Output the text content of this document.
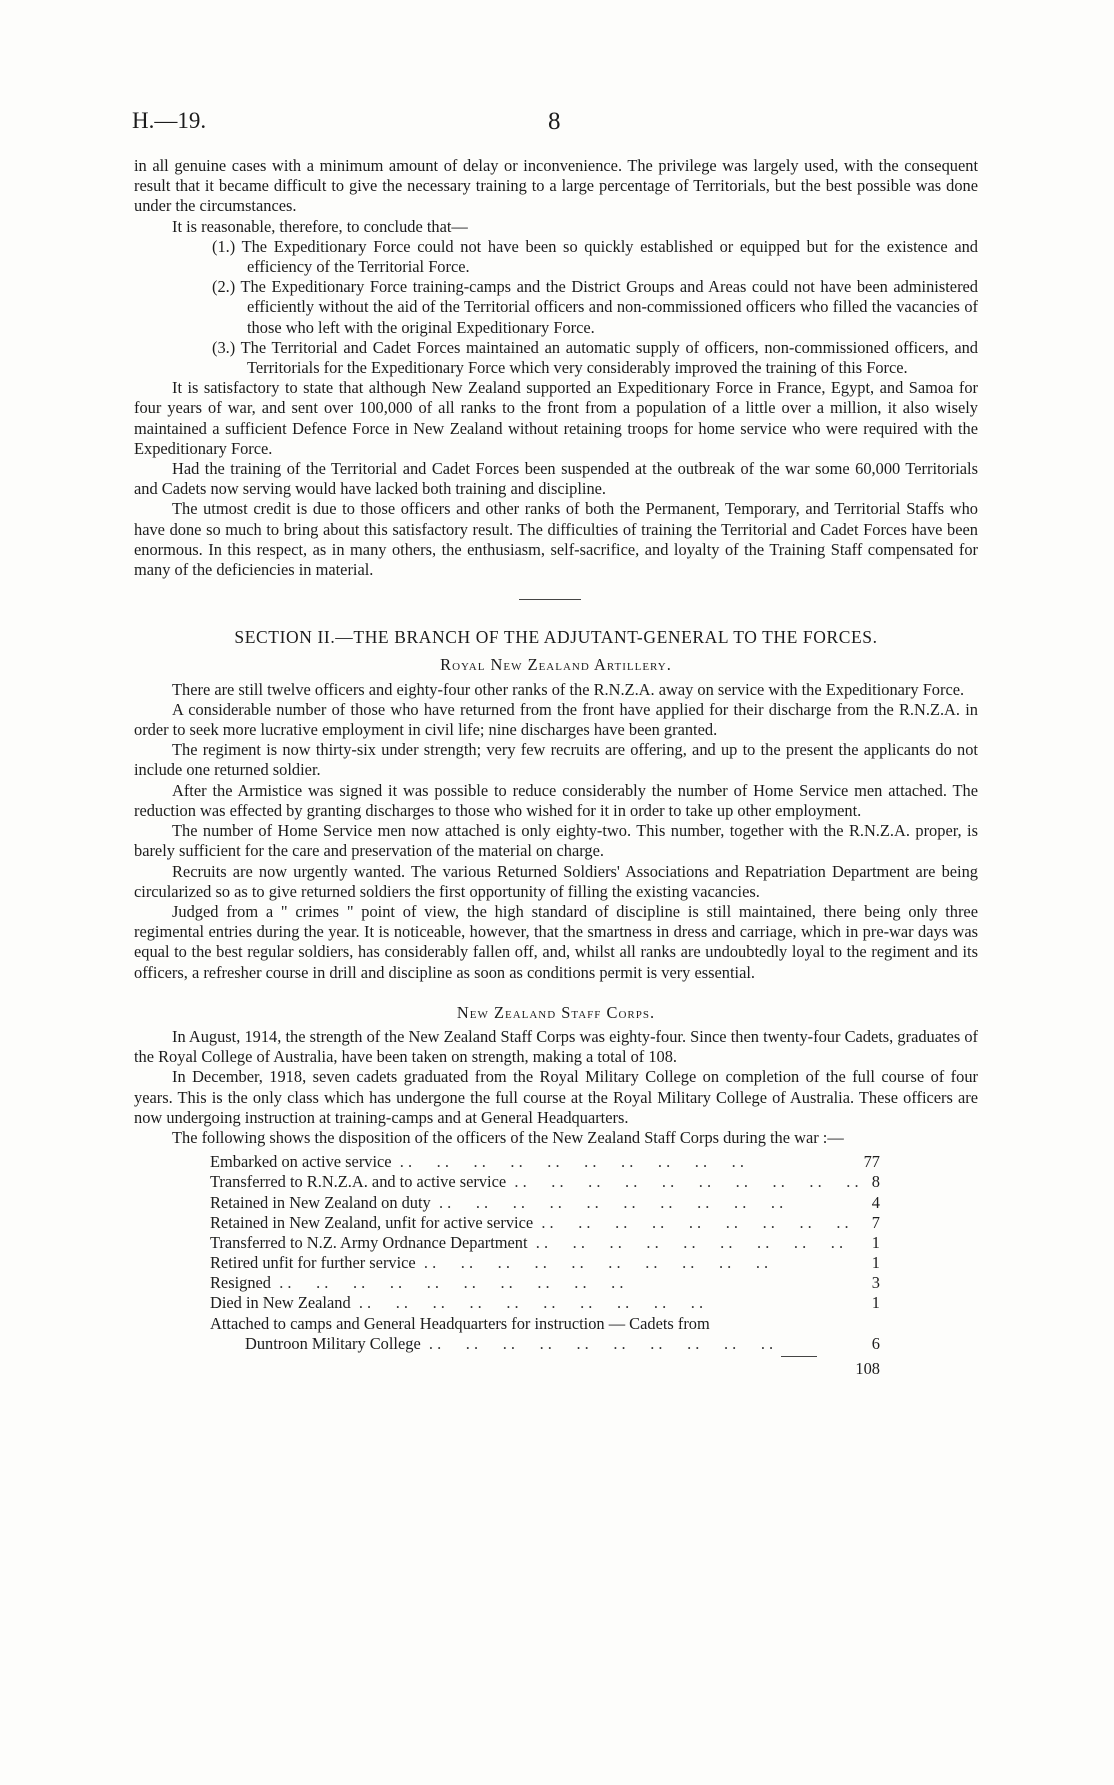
H.—19.	8

in all genuine cases with a minimum amount of delay or inconvenience. The privilege was largely used, with the consequent result that it became difficult to give the necessary training to a large percentage of Territorials, but the best possible was done under the circumstances.

It is reasonable, therefore, to conclude that—

(1.) The Expeditionary Force could not have been so quickly established or equipped but for the existence and efficiency of the Territorial Force.

(2.) The Expeditionary Force training-camps and the District Groups and Areas could not have been administered efficiently without the aid of the Territorial officers and non-commissioned officers who filled the vacancies of those who left with the original Expeditionary Force.

(3.) The Territorial and Cadet Forces maintained an automatic supply of officers, non-commissioned officers, and Territorials for the Expeditionary Force which very considerably improved the training of this Force.

It is satisfactory to state that although New Zealand supported an Expeditionary Force in France, Egypt, and Samoa for four years of war, and sent over 100,000 of all ranks to the front from a population of a little over a million, it also wisely maintained a sufficient Defence Force in New Zealand without retaining troops for home service who were required with the Expeditionary Force.

Had the training of the Territorial and Cadet Forces been suspended at the outbreak of the war some 60,000 Territorials and Cadets now serving would have lacked both training and discipline.

The utmost credit is due to those officers and other ranks of both the Permanent, Temporary, and Territorial Staffs who have done so much to bring about this satisfactory result. The difficulties of training the Territorial and Cadet Forces have been enormous. In this respect, as in many others, the enthusiasm, self-sacrifice, and loyalty of the Training Staff compensated for many of the deficiencies in material.

SECTION II.—THE BRANCH OF THE ADJUTANT-GENERAL TO THE FORCES.

Royal New Zealand Artillery.

There are still twelve officers and eighty-four other ranks of the R.N.Z.A. away on service with the Expeditionary Force.

A considerable number of those who have returned from the front have applied for their discharge from the R.N.Z.A. in order to seek more lucrative employment in civil life; nine discharges have been granted.

The regiment is now thirty-six under strength; very few recruits are offering, and up to the present the applicants do not include one returned soldier.

After the Armistice was signed it was possible to reduce considerably the number of Home Service men attached. The reduction was effected by granting discharges to those who wished for it in order to take up other employment.

The number of Home Service men now attached is only eighty-two. This number, together with the R.N.Z.A. proper, is barely sufficient for the care and preservation of the material on charge.

Recruits are now urgently wanted. The various Returned Soldiers' Associations and Repatriation Department are being circularized so as to give returned soldiers the first opportunity of filling the existing vacancies.

Judged from a " crimes " point of view, the high standard of discipline is still maintained, there being only three regimental entries during the year. It is noticeable, however, that the smartness in dress and carriage, which in pre-war days was equal to the best regular soldiers, has considerably fallen off, and, whilst all ranks are undoubtedly loyal to the regiment and its officers, a refresher course in drill and discipline as soon as conditions permit is very essential.

New Zealand Staff Corps.

In August, 1914, the strength of the New Zealand Staff Corps was eighty-four. Since then twenty-four Cadets, graduates of the Royal College of Australia, have been taken on strength, making a total of 108.

In December, 1918, seven cadets graduated from the Royal Military College on completion of the full course of four years. This is the only class which has undergone the full course at the Royal Military College of Australia. These officers are now undergoing instruction at training-camps and at General Headquarters.

The following shows the disposition of the officers of the New Zealand Staff Corps during the war :—

Embarked on active service . .	77
Transferred to R.N.Z.A. and to active service . .	8
Retained in New Zealand on duty . .	4
Retained in New Zealand, unfit for active service . .	7
Transferred to N.Z. Army Ordnance Department . .	1
Retired unfit for further service . .	1
Resigned . .	3
Died in New Zealand . .	1
Attached to camps and General Headquarters for instruction — Cadets from
Duntroon Military College . .	6
108
